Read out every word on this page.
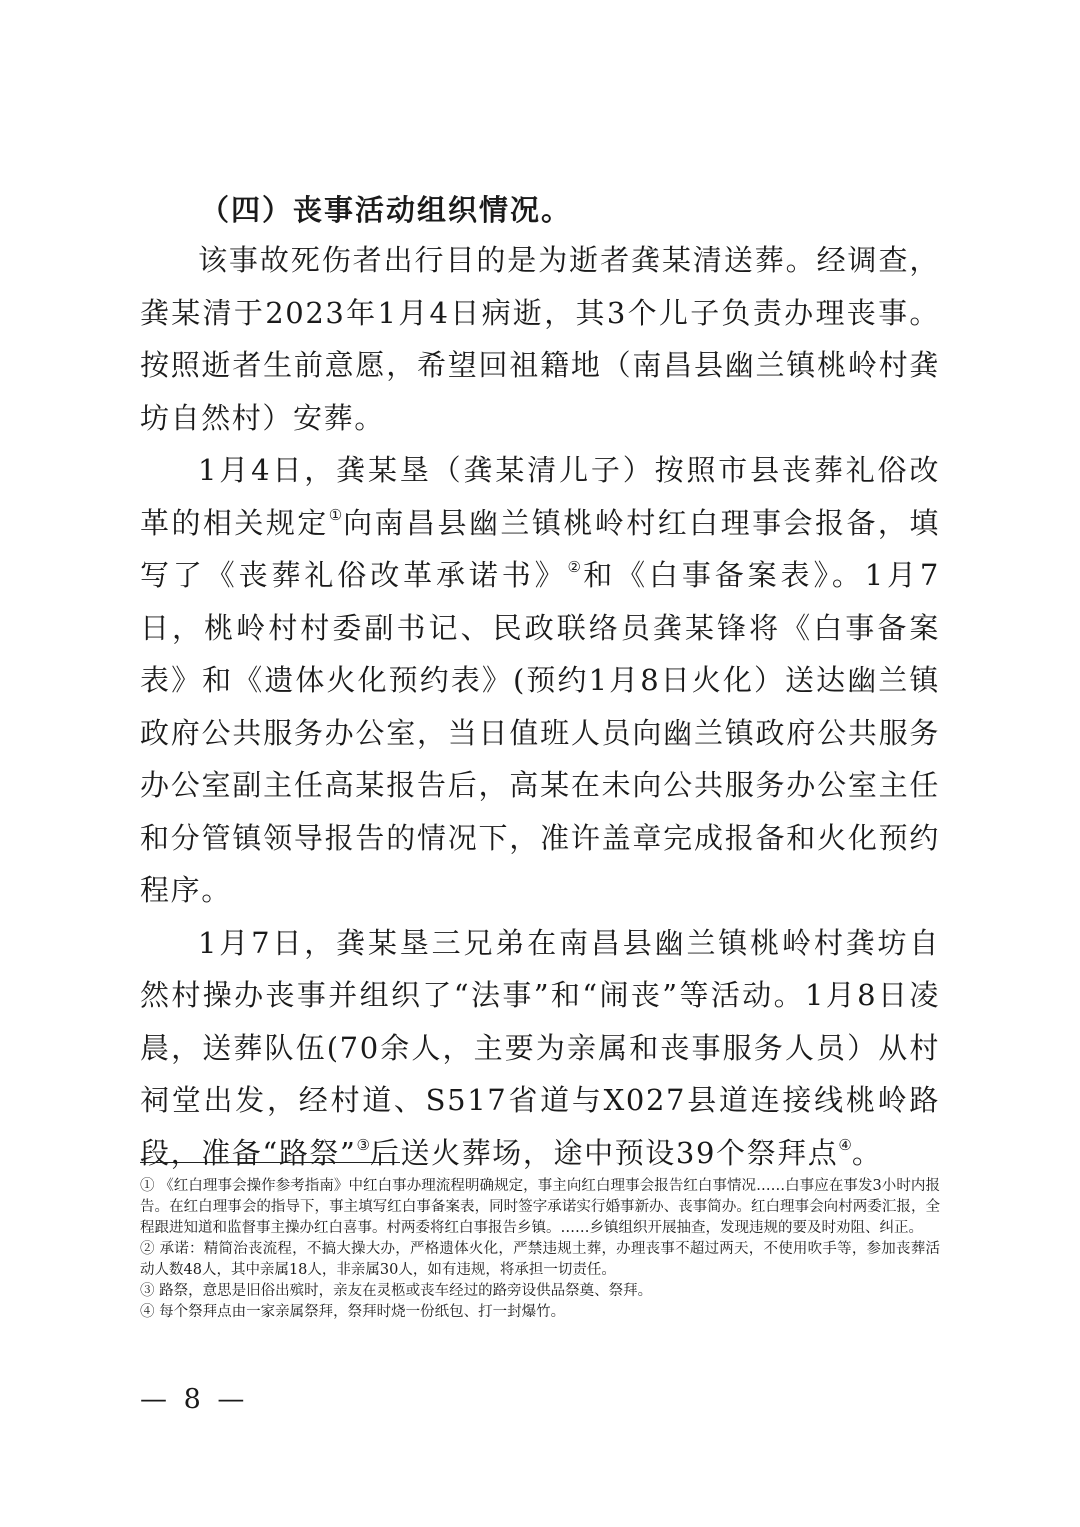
（四）丧事活动组织情况。

该事故死伤者出行目的是为逝者龚某清送葬。经调查，龚某清于2023年1月4日病逝，其3个儿子负责办理丧事。按照逝者生前意愿，希望回祖籍地（南昌县幽兰镇桃岭村龚坊自然村）安葬。

1月4日，龚某垦（龚某清儿子）按照市县丧葬礼俗改革的相关规定①向南昌县幽兰镇桃岭村红白理事会报备，填写了《丧葬礼俗改革承诺书》②和《白事备案表》。1月7日，桃岭村村委副书记、民政联络员龚某锋将《白事备案表》和《遗体火化预约表》(预约1月8日火化）送达幽兰镇政府公共服务办公室，当日值班人员向幽兰镇政府公共服务办公室副主任高某报告后，高某在未向公共服务办公室主任和分管镇领导报告的情况下，准许盖章完成报备和火化预约程序。

1月7日，龚某垦三兄弟在南昌县幽兰镇桃岭村龚坊自然村操办丧事并组织了“法事”和“闹丧”等活动。1月8日凌晨，送葬队伍(70余人，主要为亲属和丧事服务人员）从村祠堂出发，经村道、S517省道与X027县道连接线桃岭路段，准备“路祭”③后送火葬场，途中预设39个祭拜点④。

① 《红白理事会操作参考指南》中红白事办理流程明确规定，事主向红白理事会报告红白事情况……白事应在事发3小时内报告。在红白理事会的指导下，事主填写红白事备案表，同时签字承诺实行婚事新办、丧事简办。红白理事会向村两委汇报，全程跟进知道和监督事主操办红白喜事。村两委将红白事报告乡镇。……乡镇组织开展抽查，发现违规的要及时劝阻、纠正。

② 承诺：精简治丧流程，不搞大操大办，严格遗体火化，严禁违规土葬，办理丧事不超过两天，不使用吹手等，参加丧葬活动人数48人，其中亲属18人，非亲属30人，如有违规，将承担一切责任。

③ 路祭，意思是旧俗出殡时，亲友在灵柩或丧车经过的路旁设供品祭奠、祭拜。

④ 每个祭拜点由一家亲属祭拜，祭拜时烧一份纸包、打一封爆竹。

— 8 —
